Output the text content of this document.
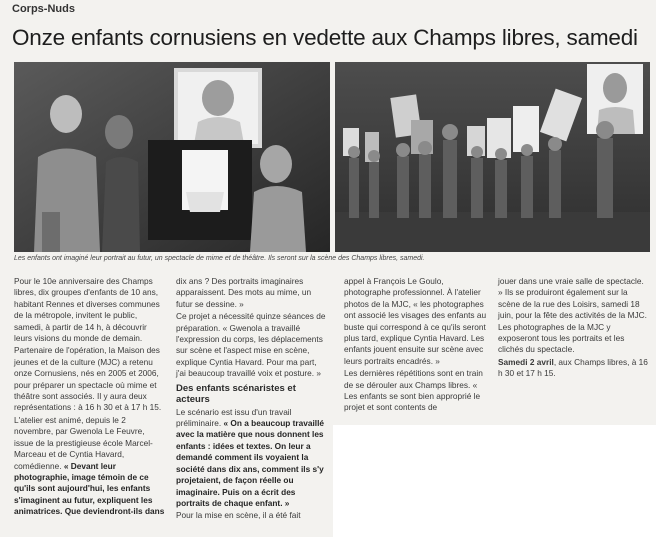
Corps-Nuds
Onze enfants cornusiens en vedette aux Champs libres, samedi
Les enfants ont imaginé leur portrait au futur, un spectacle de mime et de théâtre. Ils seront sur la scène des Champs libres, samedi.

Pour le 10e anniversaire des Champs libres, dix groupes d'enfants de 10 ans, habitant Rennes et diverses communes de la métropole, invitent le public, samedi, à partir de 14 h, à découvrir leurs visions du monde de demain.

Partenaire de l'opération, la Maison des jeunes et de la culture (MJC) a retenu onze Cornusiens, nés en 2005 et 2006, pour préparer un spectacle où mime et théâtre sont associés. Il y aura deux représentations : à 16 h 30 et à 17 h 15.

L'atelier est animé, depuis le 2 novembre, par Gwenola Le Feuvre, issue de la prestigieuse école Marcel-Marceau et de Cyntia Havard, comédienne. « Devant leur photographie, image témoin de ce qu'ils sont aujourd'hui, les enfants s'imaginent au futur, expliquent les animatrices. Que deviendront-ils dans

dix ans ? Des portraits imaginaires apparaissent. Des mots au mime, un futur se dessine. »

Ce projet a nécessité quinze séances de préparation. « Gwenola a travaillé l'expression du corps, les déplacements sur scène et l'aspect mise en scène, explique Cyntia Havard. Pour ma part, j'ai beaucoup travaillé voix et posture. »

Des enfants scénaristes et acteurs

Le scénario est issu d'un travail préliminaire. « On a beaucoup travaillé avec la matière que nous donnent les enfants : idées et textes. On leur a demandé comment ils voyaient la société dans dix ans, comment ils s'y projetaient, de façon réelle ou imaginaire. Puis on a écrit des portraits de chaque enfant. »

Pour la mise en scène, il a été fait

appel à François Le Goulo, photographe professionnel. À l'atelier photos de la MJC, « les photographes ont associé les visages des enfants au buste qui correspond à ce qu'ils seront plus tard, explique Cyntia Havard. Les enfants jouent ensuite sur scène avec leurs portraits encadrés. »

Les dernières répétitions sont en train de se dérouler aux Champs libres. « Les enfants se sont bien approprié le projet et sont contents de

jouer dans une vraie salle de spectacle. » Ils se produiront également sur la scène de la rue des Loisirs, samedi 18 juin, pour la fête des activités de la MJC. Les photographes de la MJC y exposeront tous les portraits et les clichés du spectacle.

Samedi 2 avril, aux Champs libres, à 16 h 30 et 17 h 15.
